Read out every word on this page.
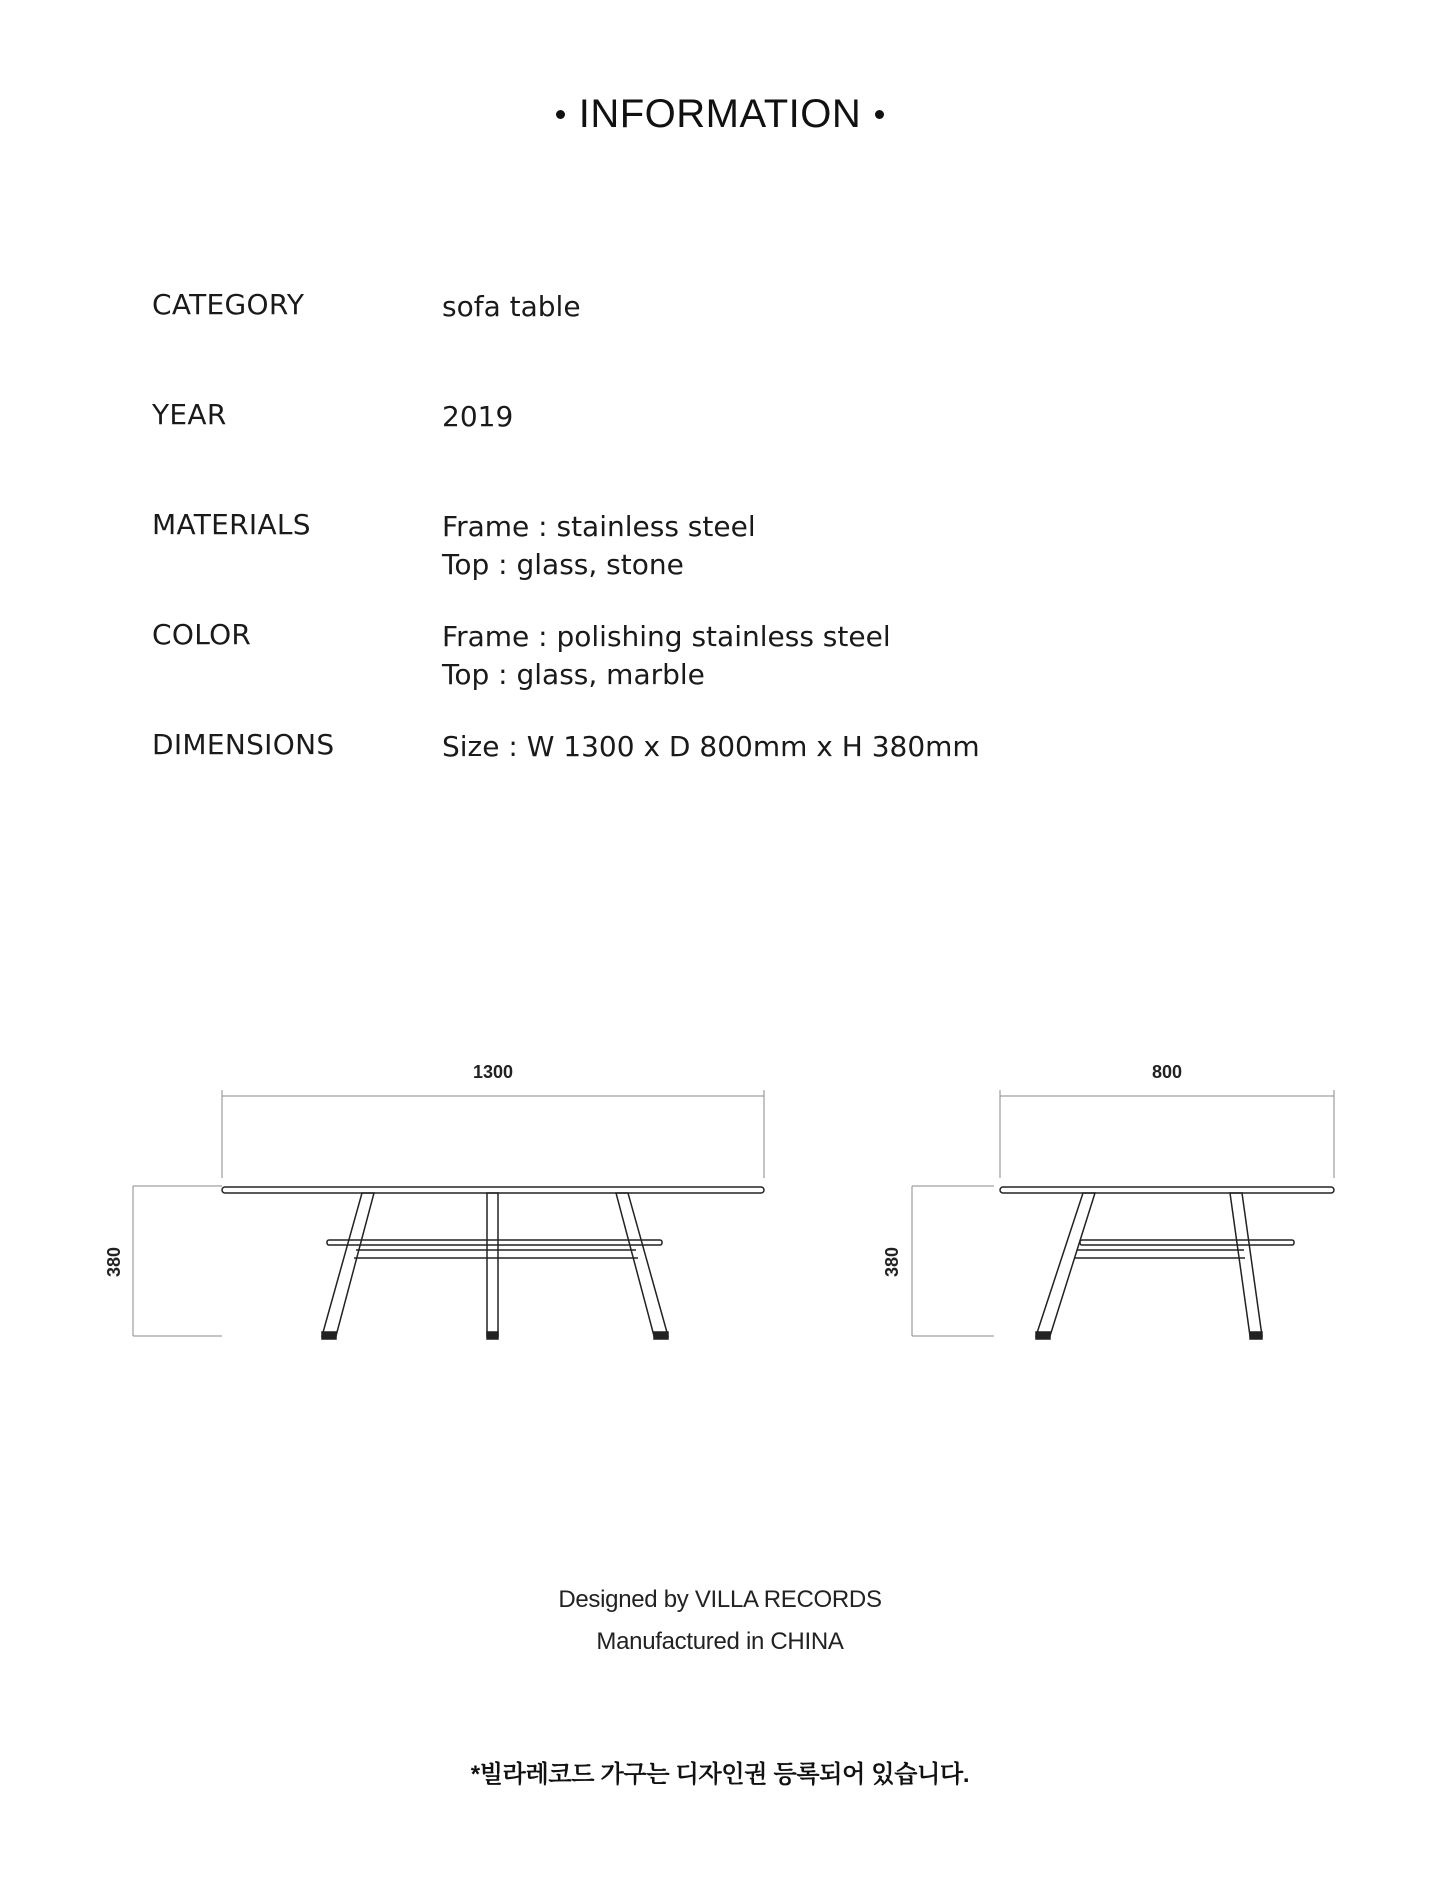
INFORMATION
CATEGORY	sofa table
YEAR	2019
MATERIALS	Frame : stainless steel
Top : glass, stone
COLOR	Frame : polishing stainless steel
Top : glass, marble
DIMENSIONS	Size : W 1300 x D 800mm x H 380mm
1300
380
800
380
Designed by VILLA RECORDS
Manufactured in CHINA
*빌라레코드 가구는 디자인권 등록되어 있습니다.
